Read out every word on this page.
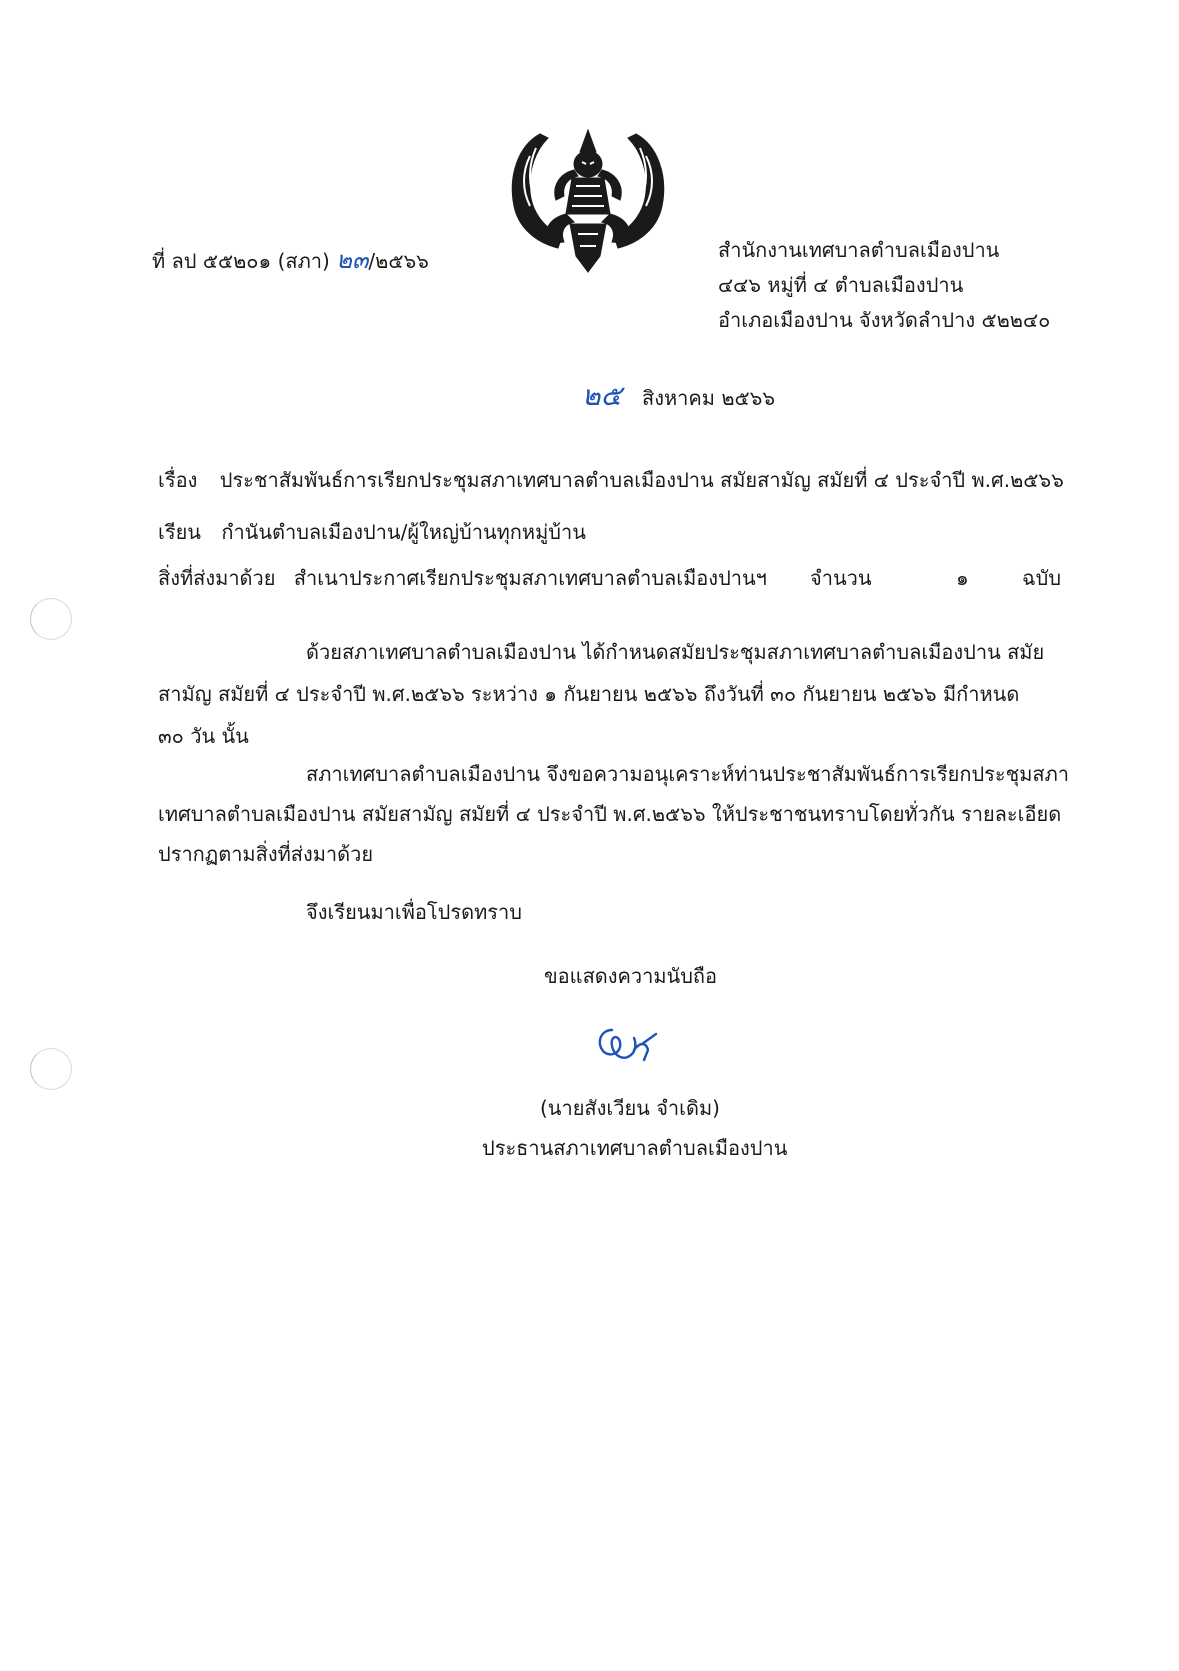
ที่ ลป ๕๕๒๐๑ (สภา) ๒๓/๒๕๖๖	สำนักงานเทศบาลตำบลเมืองปาน
๔๔๖ หมู่ที่ ๔ ตำบลเมืองปาน
อำเภอเมืองปาน จังหวัดลำปาง ๕๒๒๔๐
๒๕ สิงหาคม ๒๕๖๖
เรื่อง ประชาสัมพันธ์การเรียกประชุมสภาเทศบาลตำบลเมืองปาน สมัยสามัญ สมัยที่ ๔ ประจำปี พ.ศ.๒๕๖๖
เรียน กำนันตำบลเมืองปาน/ผู้ใหญ่บ้านทุกหมู่บ้าน
สิ่งที่ส่งมาด้วย สำเนาประกาศเรียกประชุมสภาเทศบาลตำบลเมืองปานฯ จำนวน	๑	ฉบับ
ด้วยสภาเทศบาลตำบลเมืองปาน ได้กำหนดสมัยประชุมสภาเทศบาลตำบลเมืองปาน สมัย
สามัญ สมัยที่ ๔ ประจำปี พ.ศ.๒๕๖๖ ระหว่าง ๑ กันยายน ๒๕๖๖ ถึงวันที่ ๓๐ กันยายน ๒๕๖๖ มีกำหนด
๓๐ วัน นั้น
สภาเทศบาลตำบลเมืองปาน จึงขอความอนุเคราะห์ท่านประชาสัมพันธ์การเรียกประชุมสภา
เทศบาลตำบลเมืองปาน สมัยสามัญ สมัยที่ ๔ ประจำปี พ.ศ.๒๕๖๖ ให้ประชาชนทราบโดยทั่วกัน รายละเอียด
ปรากฏตามสิ่งที่ส่งมาด้วย
จึงเรียนมาเพื่อโปรดทราบ
ขอแสดงความนับถือ
(นายสังเวียน จำเดิม)
ประธานสภาเทศบาลตำบลเมืองปาน
